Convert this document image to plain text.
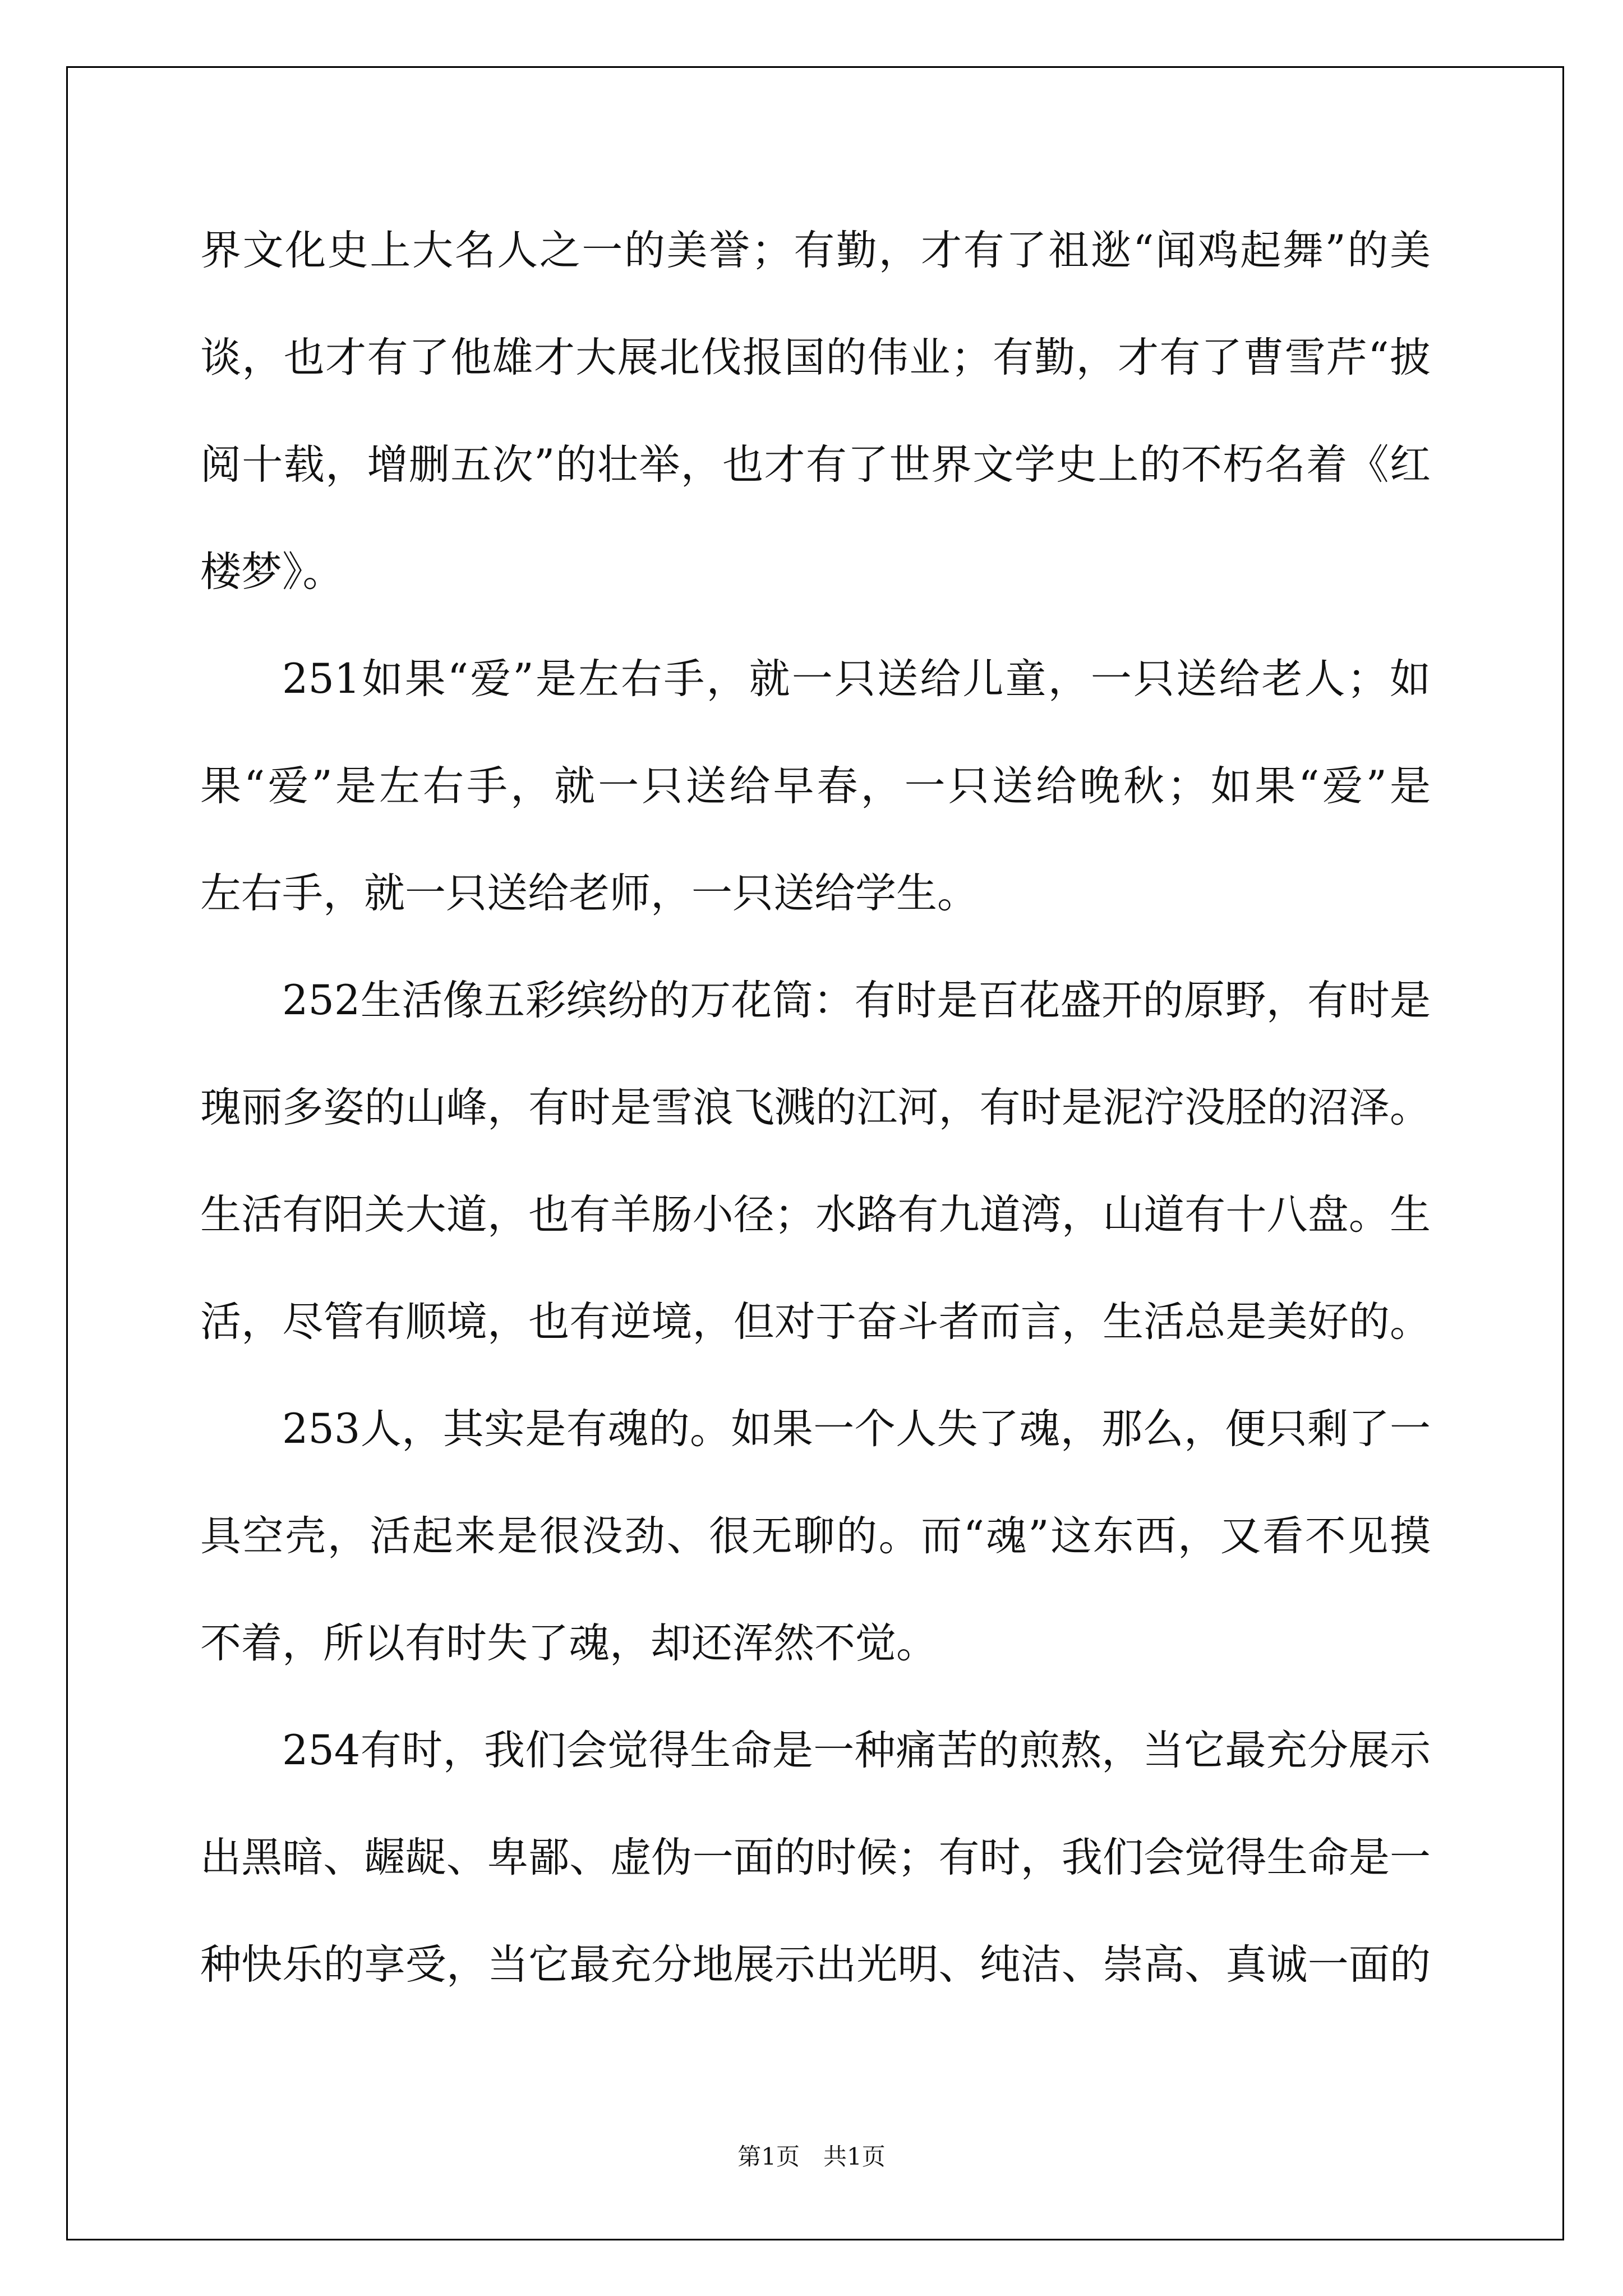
界文化史上大名人之一的美誉；有勤，才有了祖逖“闻鸡起舞”的美
谈，也才有了他雄才大展北伐报国的伟业；有勤，才有了曹雪芹“披
阅十载，增删五次”的壮举，也才有了世界文学史上的不朽名着《红
楼梦》。
251如果“爱”是左右手，就一只送给儿童，一只送给老人；如
果“爱”是左右手，就一只送给早春，一只送给晚秋；如果“爱”是
左右手，就一只送给老师，一只送给学生。
252生活像五彩缤纷的万花筒：有时是百花盛开的原野，有时是
瑰丽多姿的山峰，有时是雪浪飞溅的江河，有时是泥泞没胫的沼泽。
生活有阳关大道，也有羊肠小径；水路有九道湾，山道有十八盘。生
活，尽管有顺境，也有逆境，但对于奋斗者而言，生活总是美好的。
253人，其实是有魂的。如果一个人失了魂，那么，便只剩了一
具空壳，活起来是很没劲、很无聊的。而“魂”这东西，又看不见摸
不着，所以有时失了魂，却还浑然不觉。
254有时，我们会觉得生命是一种痛苦的煎熬，当它最充分展示
出黑暗、龌龊、卑鄙、虚伪一面的时候；有时，我们会觉得生命是一
种快乐的享受，当它最充分地展示出光明、纯洁、崇高、真诚一面的
第1页 共1页
